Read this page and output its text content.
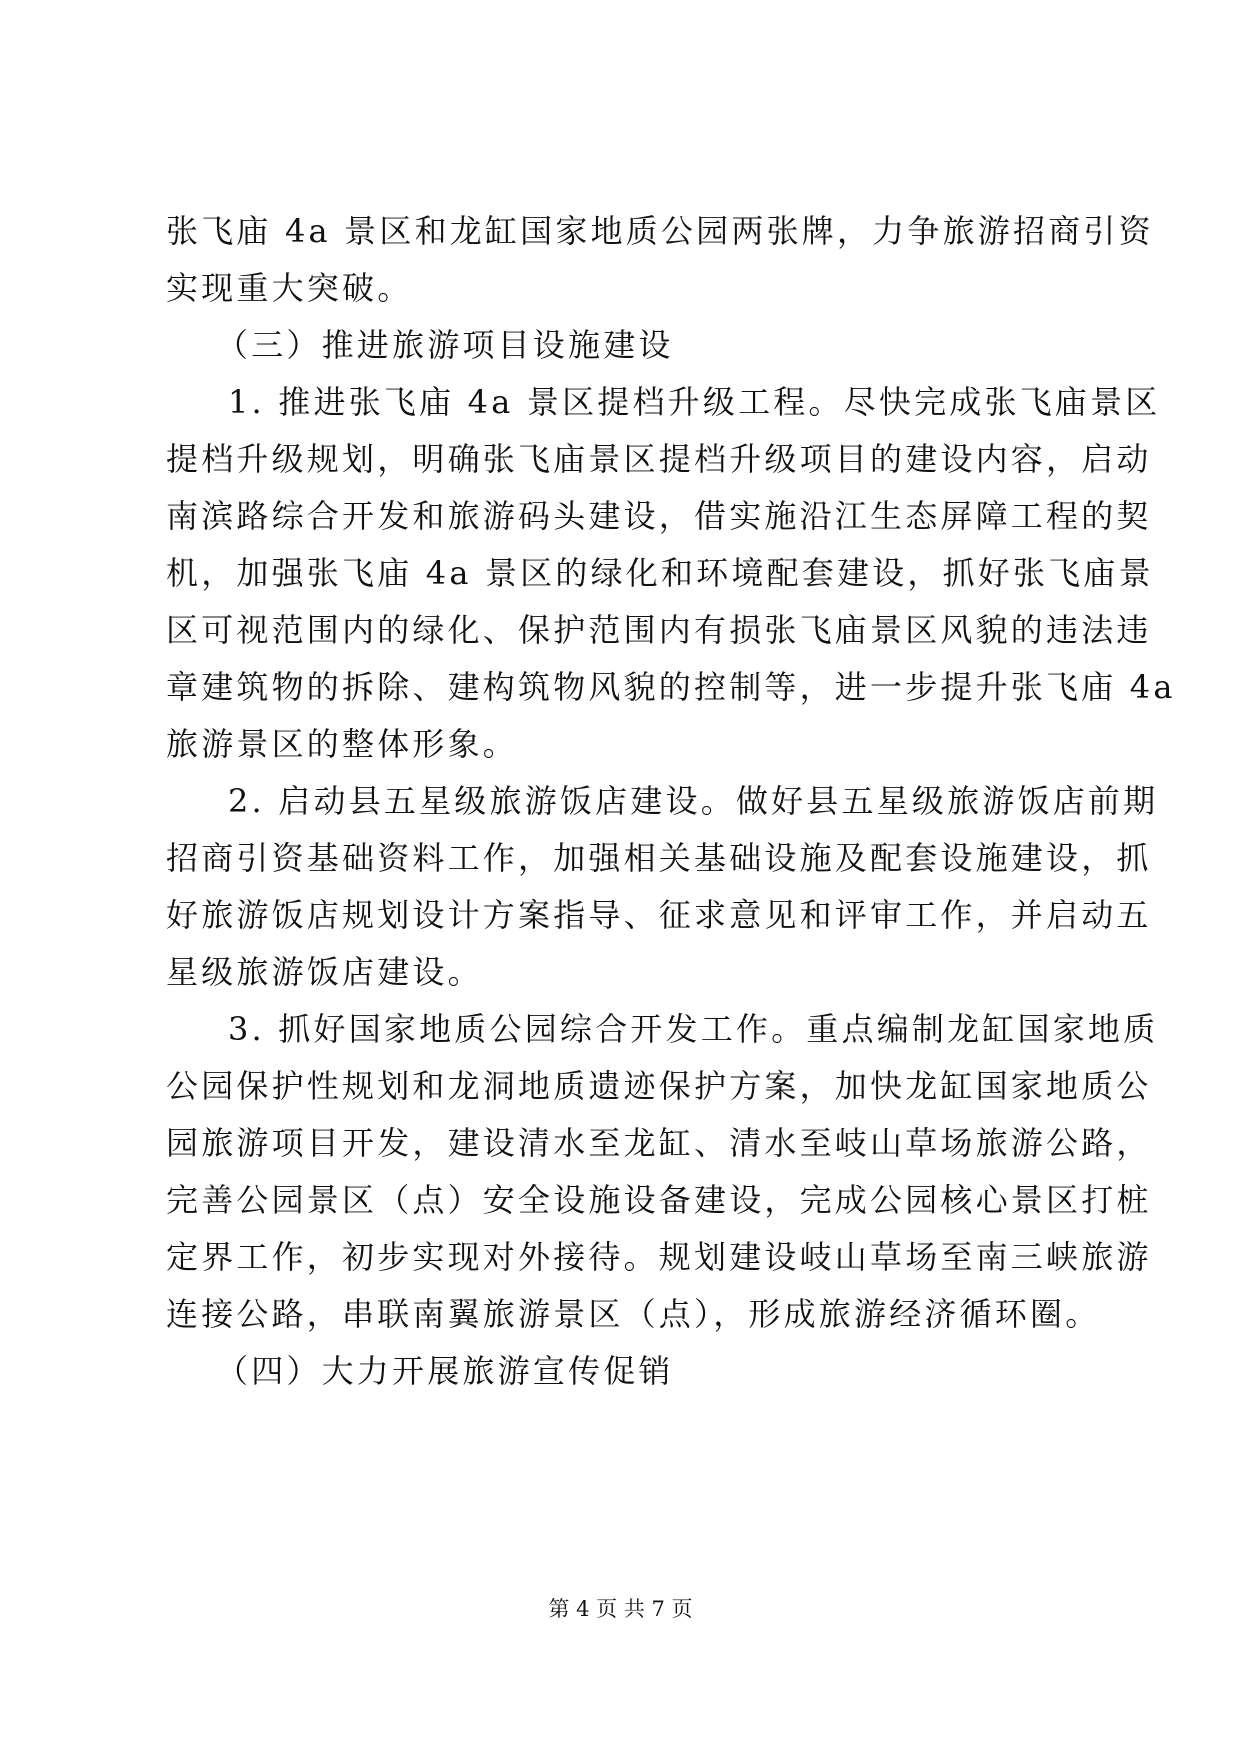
张飞庙 4a 景区和龙缸国家地质公园两张牌，力争旅游招商引资
实现重大突破。
（三）推进旅游项目设施建设
1. 推进张飞庙 4a 景区提档升级工程。尽快完成张飞庙景区
提档升级规划，明确张飞庙景区提档升级项目的建设内容，启动
南滨路综合开发和旅游码头建设，借实施沿江生态屏障工程的契
机，加强张飞庙 4a 景区的绿化和环境配套建设，抓好张飞庙景
区可视范围内的绿化、保护范围内有损张飞庙景区风貌的违法违
章建筑物的拆除、建构筑物风貌的控制等，进一步提升张飞庙 4a
旅游景区的整体形象。
2. 启动县五星级旅游饭店建设。做好县五星级旅游饭店前期
招商引资基础资料工作，加强相关基础设施及配套设施建设，抓
好旅游饭店规划设计方案指导、征求意见和评审工作，并启动五
星级旅游饭店建设。
3. 抓好国家地质公园综合开发工作。重点编制龙缸国家地质
公园保护性规划和龙洞地质遗迹保护方案，加快龙缸国家地质公
园旅游项目开发，建设清水至龙缸、清水至岐山草场旅游公路，
完善公园景区（点）安全设施设备建设，完成公园核心景区打桩
定界工作，初步实现对外接待。规划建设岐山草场至南三峡旅游
连接公路，串联南翼旅游景区（点），形成旅游经济循环圈。
（四）大力开展旅游宣传促销
第 4 页 共 7 页
